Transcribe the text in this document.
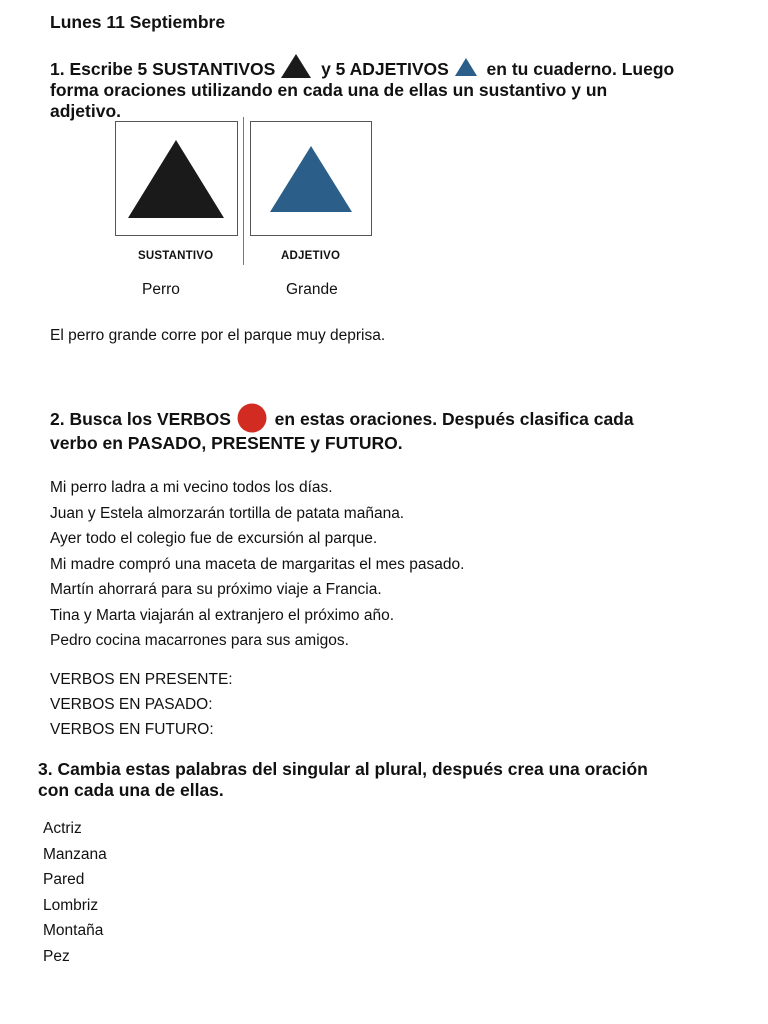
Lunes 11 Septiembre
1. Escribe 5 SUSTANTIVOS	y 5 ADJETIVOS en tu cuaderno. Luego
forma oraciones utilizando en cada una de ellas un sustantivo y un
adjetivo.
SUSTANTIVO	ADJETIVO
Perro	Grande
El perro grande corre por el parque muy deprisa.
2. Busca los VERBOS	en estas oraciones. Después clasifica cada
verbo en PASADO, PRESENTE y FUTURO.
Mi perro ladra a mi vecino todos los días.
Juan y Estela almorzarán tortilla de patata mañana.
Ayer todo el colegio fue de excursión al parque.
Mi madre compró una maceta de margaritas el mes pasado.
Martín ahorrará para su próximo viaje a Francia.
Tina y Marta viajarán al extranjero el próximo año.
Pedro cocina macarrones para sus amigos.
VERBOS EN PRESENTE:
VERBOS EN PASADO:
VERBOS EN FUTURO:
3. Cambia estas palabras del singular al plural, después crea una oración
con cada una de ellas.
Actriz
Manzana
Pared
Lombriz
Montaña
Pez
